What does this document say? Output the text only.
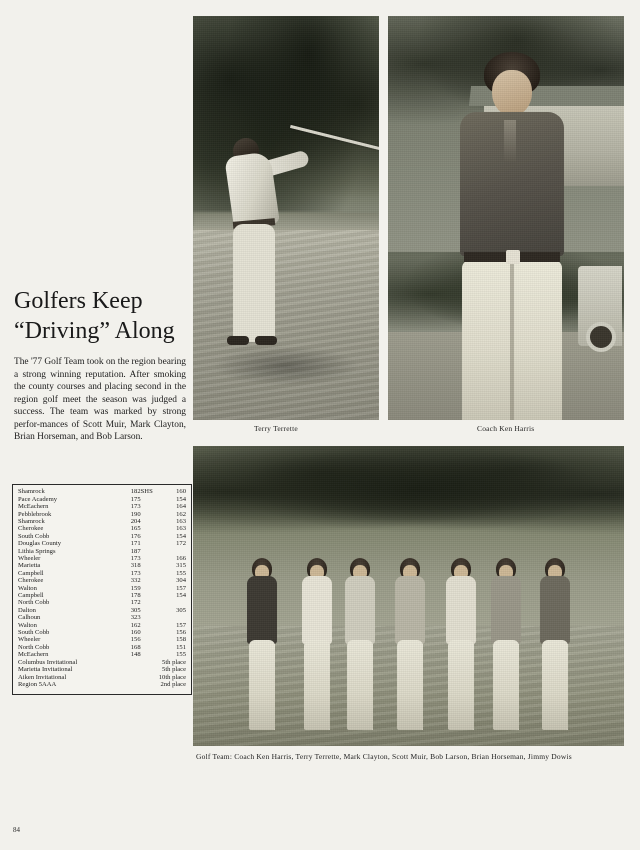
Terry Terrette	Coach Ken Harris
Golf Team: Coach Ken Harris, Terry Terrette, Mark Clayton, Scott Muir, Bob Larson, Brian Horseman, Jimmy Dowis
Golfers Keep
“Driving” Along
The '77 Golf Team took on the region bearing a strong winning reputation. After smoking the county courses and placing second in the region golf meet the season was judged a success. The team was marked by strong perfor-mances of Scott Muir, Mark Clayton, Brian Horseman, and Bob Larson.
Shamrock	182	SHS	160
Pace Academy	175		154
McEachern	173		164
Pebblebrook	190		162
Shamrock	204		163
Cherokee	165		163
South Cobb	176		154
Douglas County	171		172
Lithia Springs	187		
Wheeler	173		166
Marietta	318		315
Campbell	173		155
Cherokee	332		304
Walton	159		157
Campbell	178		154
North Cobb	172		
Dalton	305		305
Calhoun	323		
Walton	162		157
South Cobb	160		156
Wheeler	156		158
North Cobb	168		151
McEachern	148		155
Columbus Invitational		5th place	
Marietta Invitational		5th place	
Aiken Invitational		10th place	
Region 5AAA		2nd place	
84
